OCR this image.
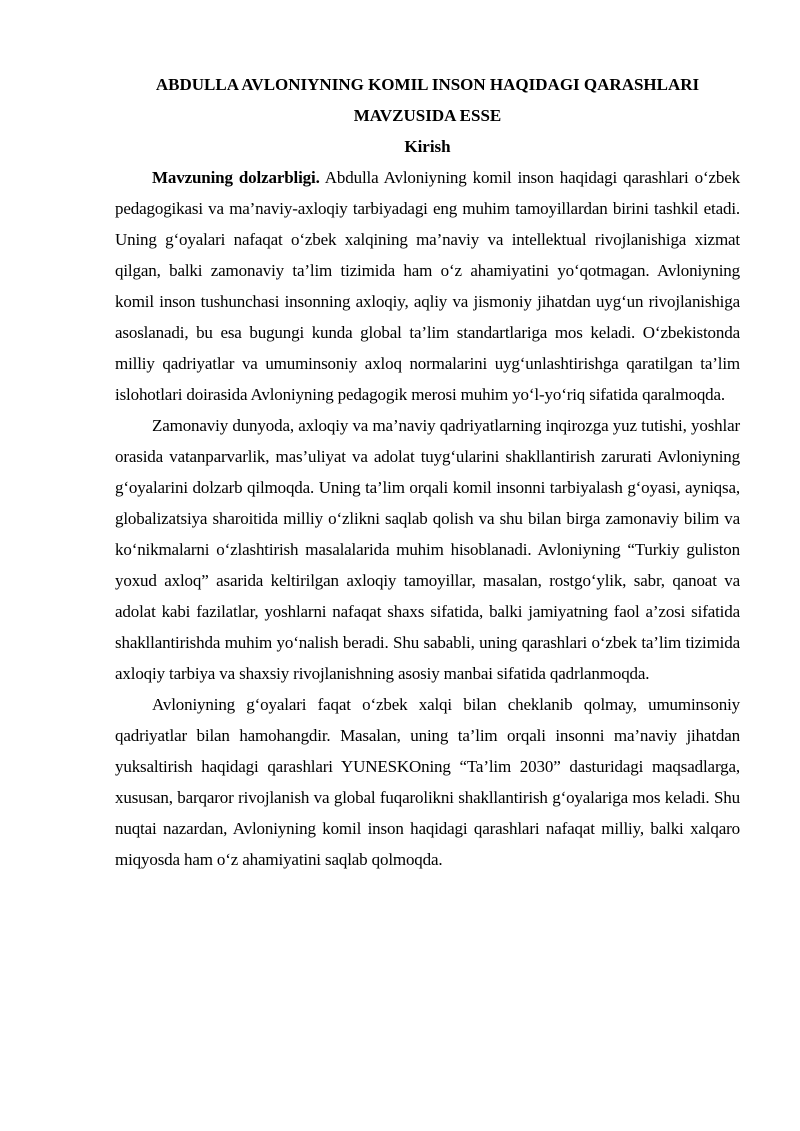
ABDULLA AVLONIYNING KOMIL INSON HAQIDAGI QARASHLARI MAVZUSIDA ESSE

Kirish

Mavzuning dolzarbligi. Abdulla Avloniyning komil inson haqidagi qarashlari o‘zbek pedagogikasi va ma’naviy-axloqiy tarbiyadagi eng muhim tamoyillardan birini tashkil etadi. Uning g‘oyalari nafaqat o‘zbek xalqining ma’naviy va intellektual rivojlanishiga xizmat qilgan, balki zamonaviy ta’lim tizimida ham o‘z ahamiyatini yo‘qotmagan. Avloniyning komil inson tushunchasi insonning axloqiy, aqliy va jismoniy jihatdan uyg‘un rivojlanishiga asoslanadi, bu esa bugungi kunda global ta’lim standartlariga mos keladi. O‘zbekistonda milliy qadriyatlar va umuminsoniy axloq normalarini uyg‘unlashtirishga qaratilgan ta’lim islohotlari doirasida Avloniyning pedagogik merosi muhim yo‘l-yo‘riq sifatida qaralmoqda.

Zamonaviy dunyoda, axloqiy va ma’naviy qadriyatlarning inqirozga yuz tutishi, yoshlar orasida vatanparvarlik, mas’uliyat va adolat tuyg‘ularini shakllantirish zarurati Avloniyning g‘oyalarini dolzarb qilmoqda. Uning ta’lim orqali komil insonni tarbiyalash g‘oyasi, ayniqsa, globalizatsiya sharoitida milliy o‘zlikni saqlab qolish va shu bilan birga zamonaviy bilim va ko‘nikmalarni o‘zlashtirish masalalarida muhim hisoblanadi. Avloniyning “Turkiy guliston yoxud axloq” asarida keltirilgan axloqiy tamoyillar, masalan, rostgo‘ylik, sabr, qanoat va adolat kabi fazilatlar, yoshlarni nafaqat shaxs sifatida, balki jamiyatning faol a’zosi sifatida shakllantirishda muhim yo‘nalish beradi. Shu sababli, uning qarashlari o‘zbek ta’lim tizimida axloqiy tarbiya va shaxsiy rivojlanishning asosiy manbai sifatida qadrlanmoqda.

Avloniyning g‘oyalari faqat o‘zbek xalqi bilan cheklanib qolmay, umuminsoniy qadriyatlar bilan hamohangdir. Masalan, uning ta’lim orqali insonni ma’naviy jihatdan yuksaltirish haqidagi qarashlari YUNESKOning “Ta’lim 2030” dasturidagi maqsadlarga, xususan, barqaror rivojlanish va global fuqarolikni shakllantirish g‘oyalariga mos keladi. Shu nuqtai nazardan, Avloniyning komil inson haqidagi qarashlari nafaqat milliy, balki xalqaro miqyosda ham o‘z ahamiyatini saqlab qolmoqda.
